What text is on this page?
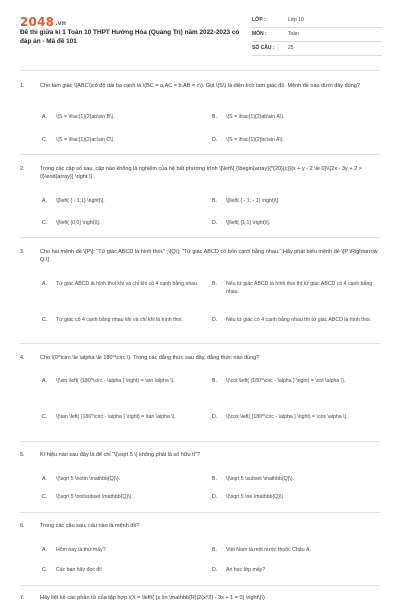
2048.vn
Đề thi giữa kì 1 Toán 10 THPT Hướng Hóa (Quảng Trị) năm 2022-2023 có đáp án - Mã đề 101
LỚP :	Lớp 10
MÔN :	Toán
SỐ CÂU :	25
1.	Cho tam giác \(ABC\)có độ dài ba cạnh là \(BC = a,AC = b,AB = c\). Gọi \(S\) là diện tích tam giác đó. Mệnh đề nào dưới đây đúng?
A. \(S = \frac{1}{2}ab\sin B\).	B. \(S = \frac{1}{2}ab\sin A\).
C. \(S = \frac{1}{2}ac\sin C\).	D. \(S = \frac{1}{2}bc\sin A\).
2.	Trong các cặp số sau, cặp nào không là nghiệm của hệ bất phương trình \[\left\{ {\begin{array}{*{20}{c}}{x + y - 2 \le 0}\\{2x - 3y + 2 > 0}\end{array}} \right.\] .
A. \[\left( { - 1;1} \right)\].	B. \[\left( { - 1; - 1} \right)\].
C. \[\left( {0;0} \right)\].	D. \[\left( {1;1} \right)\].
3.	Cho hai mệnh đề \[P\]: "Tứ giác ABCD là hình thoi." ;\[Q\]: "Tứ giác ABCD có bốn cạnh bằng nhau." Hãy phát biểu mệnh đề \[P \Rightarrow Q.\]
A. Tứ giác ABCD là hình thoi khi và chỉ khi có 4 cạnh bằng nhau.	B. Nếu tứ giác ABCD là hình thoi thì tứ giác ABCD có 4 cạnh bằng nhau.
C. Tứ giác có 4 cạnh bằng nhau khi và chỉ khi là hình thoi.	D. Nếu tứ giác có 4 cạnh bằng nhau thì tứ giác ABCD là hình thoi.
4.	Cho \(0^\circ \le \alpha \le 180^\circ \). Trong các đẳng thức sau đây, đẳng thức nào đúng?
A. \(\sin \left( {180^\circ - \alpha } \right) = \sin \alpha \).	B. \(\cot \left( {180^\circ - \alpha } \right) = \cot \alpha \).
C. \(\tan \left( {180^\circ - \alpha } \right) = \tan \alpha \).	D. \(\cos \left( {180^\circ - \alpha } \right) = \cos \alpha \).
5.	Kí hiệu nào sau đây là để chỉ "\(\sqrt 5 \) không phải là số hữu tỉ"?
A. \(\sqrt 5 \notin \mathbb{Q}\).	B. \(\sqrt 5 \subset \mathbb{Q}\).
C. \(\sqrt 5 \not\subset \mathbb{Q}\).	D. \(\sqrt 5 \ne \mathbb{Q}\).
6.	Trong các câu sau, câu nào là mệnh đề?
A. Hôm nay là thứ mấy?	B. Việt Nam là một nước thuộc Châu Á.
C. Các bạn hãy đọc đi!	D. An học lớp mấy?
7.	Hãy liệt kê các phần tử của tập hợp \(X = \left\{ {x \in \mathbb{R}|2{x^2} - 3x + 1 = 0} \right\}\)
